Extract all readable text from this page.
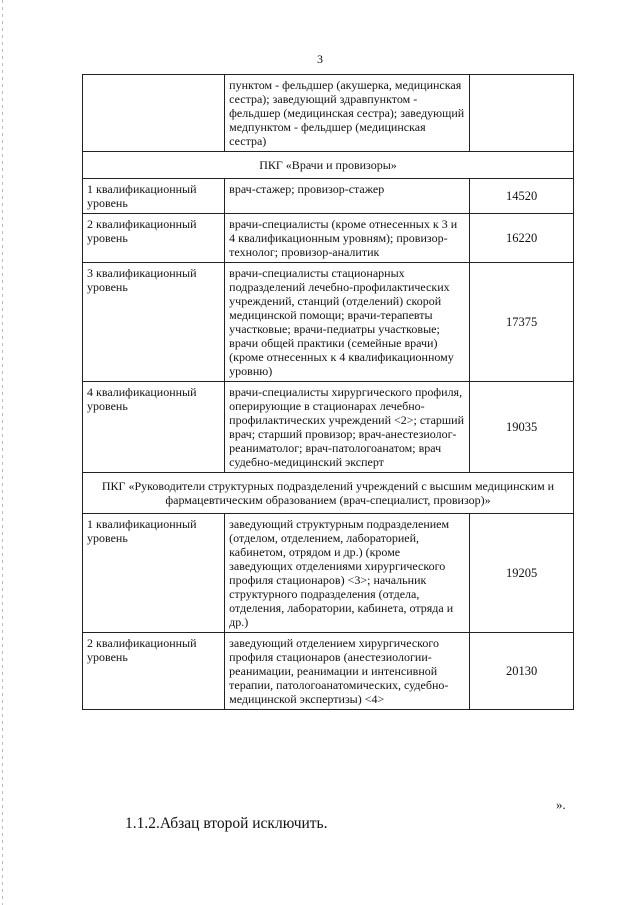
3
	пунктом - фельдшер (акушерка, медицинская сестра); заведующий здравпунктом - фельдшер (медицинская сестра); заведующий медпунктом - фельдшер (медицинская сестра)	
ПКГ «Врачи и провизоры»		
1 квалификационный уровень	врач-стажер; провизор-стажер	14520
2 квалификационный уровень	врачи-специалисты (кроме отнесенных к 3 и 4 квалификационным уровням); провизор-технолог; провизор-аналитик	16220
3 квалификационный уровень	врачи-специалисты стационарных подразделений лечебно-профилактических учреждений, станций (отделений) скорой медицинской помощи; врачи-терапевты участковые; врачи-педиатры участковые; врачи общей практики (семейные врачи) (кроме отнесенных к 4 квалификационному уровню)	17375
4 квалификационный уровень	врачи-специалисты хирургического профиля, оперирующие в стационарах лечебно-профилактических учреждений <2>; старший врач; старший провизор; врач-анестезиолог-реаниматолог; врач-патологоанатом; врач судебно-медицинский эксперт	19035
ПКГ «Руководители структурных подразделений учреждений с высшим медицинским и фармацевтическим образованием (врач-специалист, провизор)»		
1 квалификационный уровень	заведующий структурным подразделением (отделом, отделением, лабораторией, кабинетом, отрядом и др.) (кроме заведующих отделениями хирургического профиля стационаров) <3>; начальник структурного подразделения (отдела, отделения, лаборатории, кабинета, отряда и др.)	19205
2 квалификационный уровень	заведующий отделением хирургического профиля стационаров (анестезиологии-реанимации, реанимации и интенсивной терапии, патологоанатомических, судебно-медицинской экспертизы) <4>	20130
».
1.1.2.Абзац второй исключить.
